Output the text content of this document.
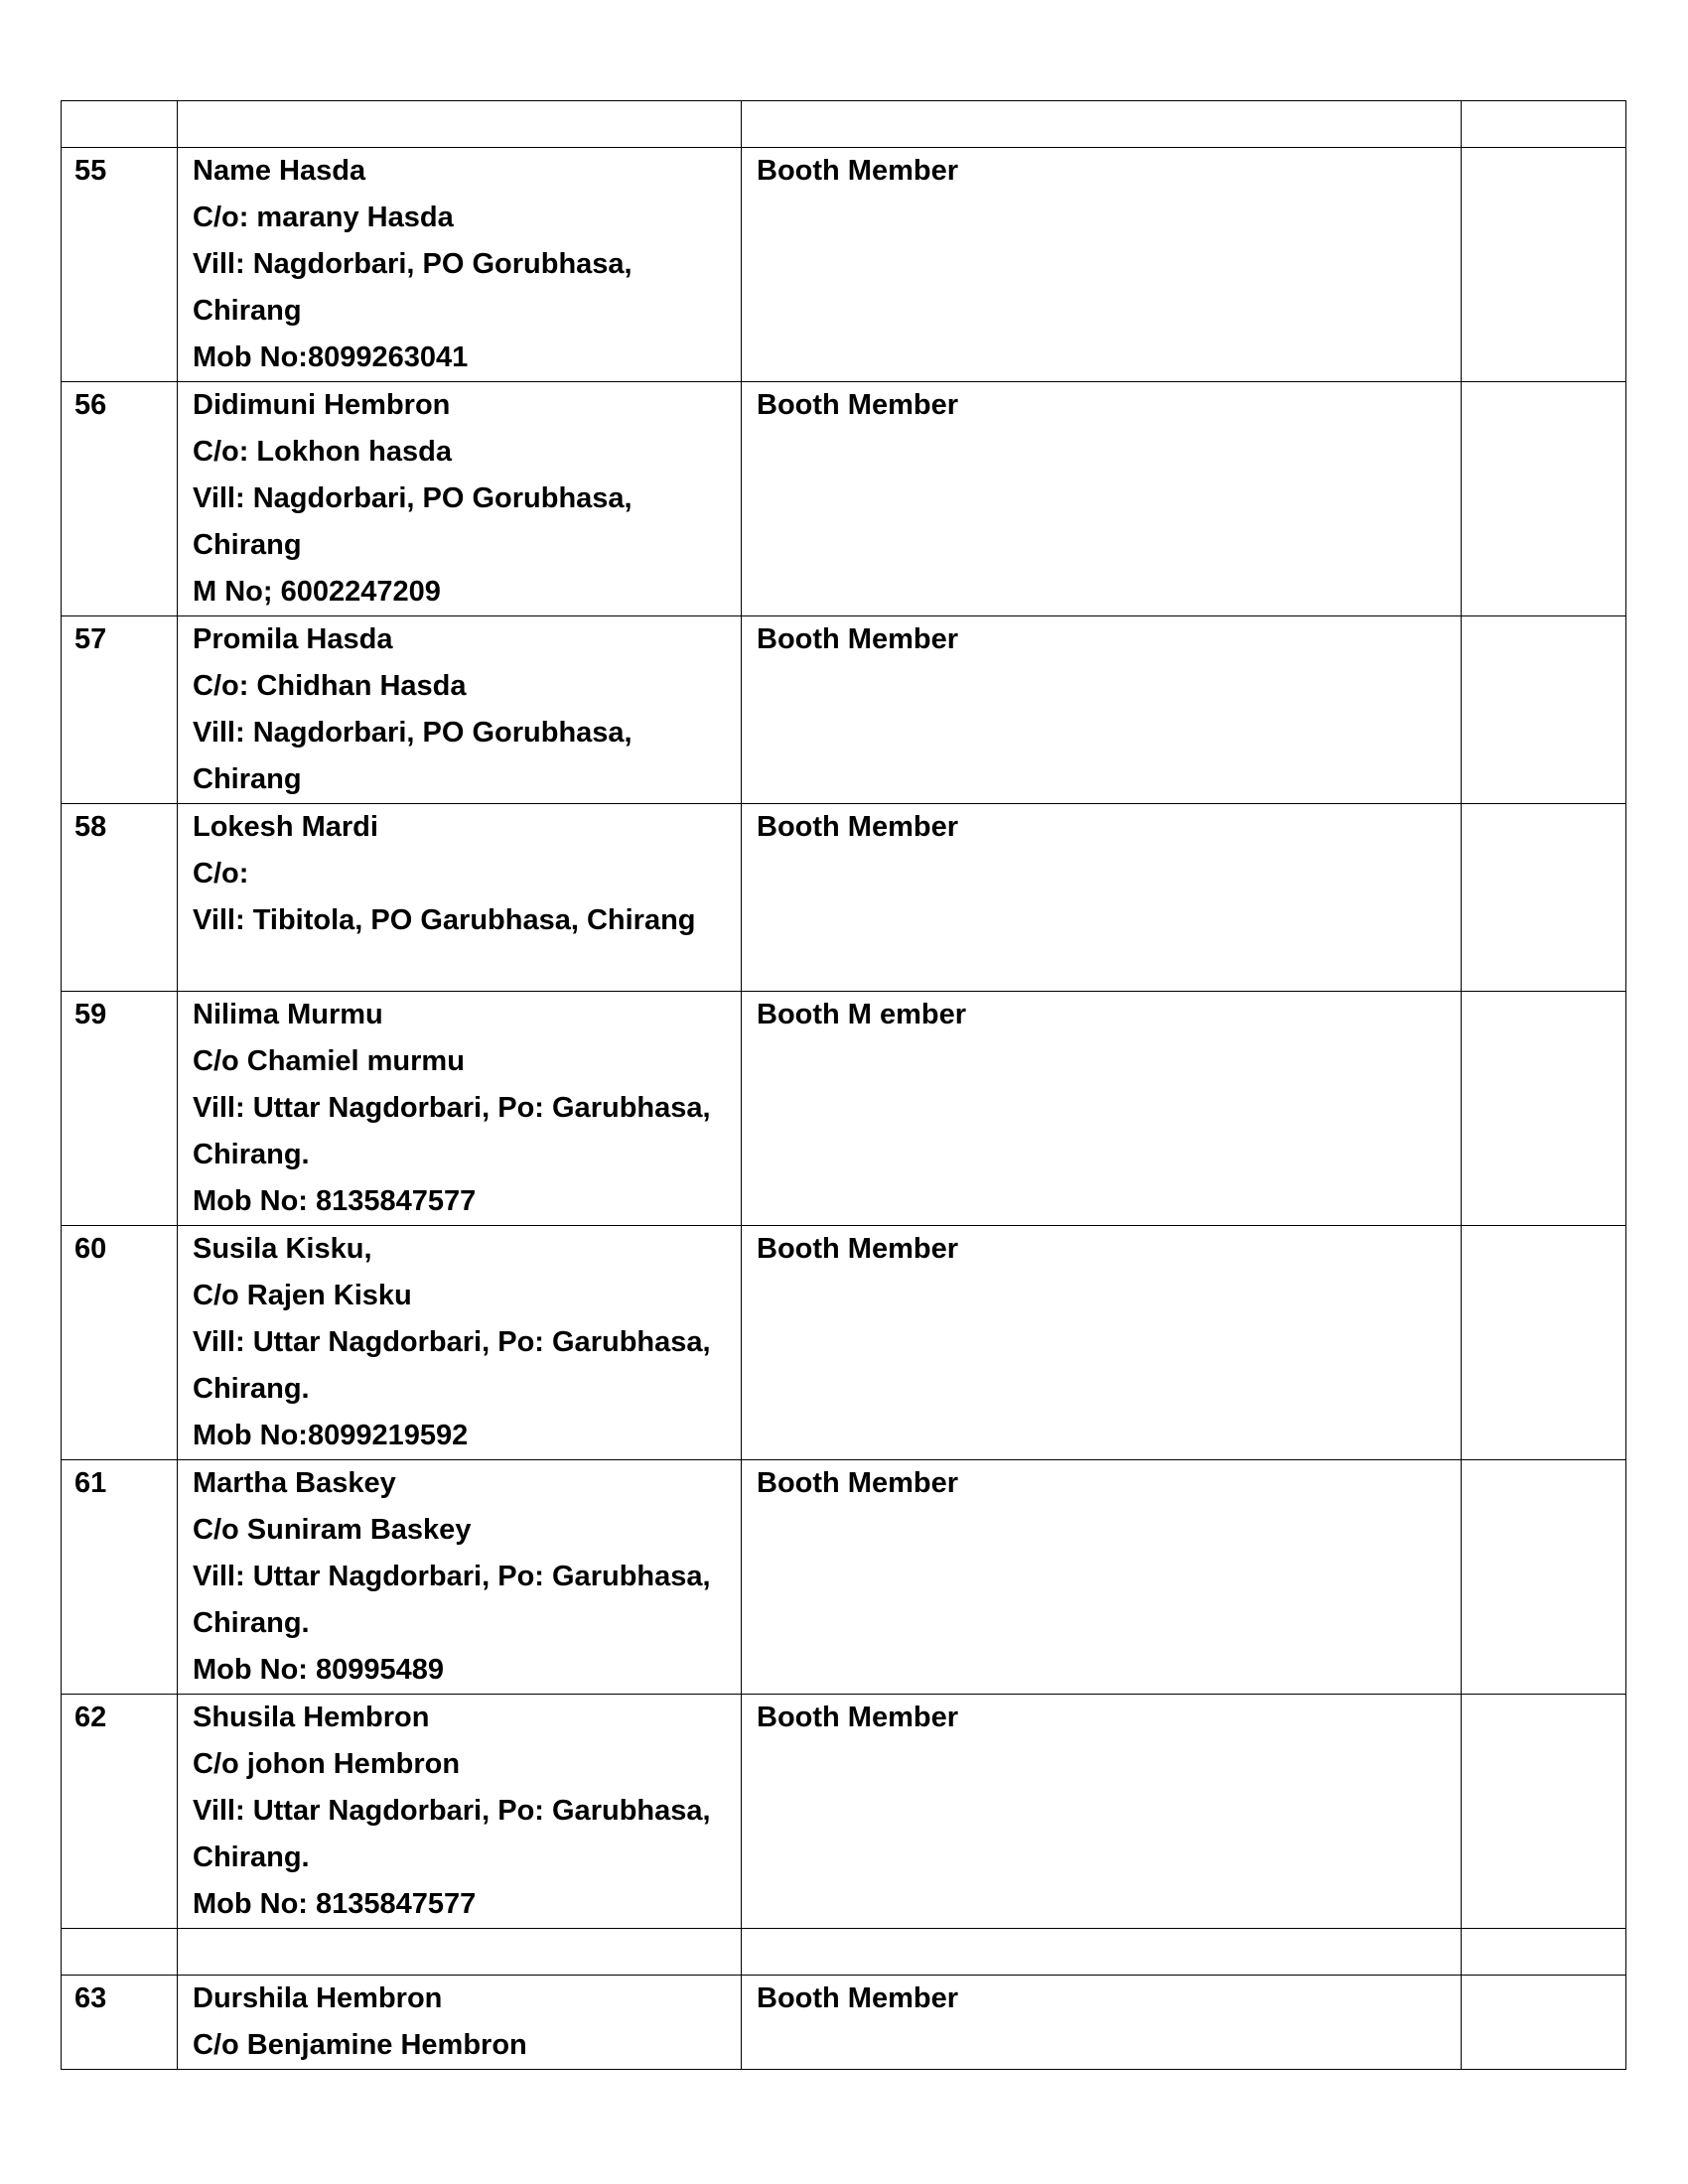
55	Name Hasda
C/o: marany Hasda
Vill: Nagdorbari, PO Gorubhasa,
Chirang
Mob No:8099263041	Booth Member	
56	Didimuni Hembron
C/o: Lokhon hasda
Vill: Nagdorbari, PO Gorubhasa,
Chirang
M No; 6002247209	Booth Member	
57	Promila Hasda
C/o: Chidhan Hasda
Vill: Nagdorbari, PO Gorubhasa,
Chirang	Booth Member	
58	Lokesh Mardi
C/o:
Vill: Tibitola, PO Garubhasa, Chirang	Booth Member	
59	Nilima Murmu
C/o Chamiel murmu
Vill: Uttar Nagdorbari, Po: Garubhasa,
Chirang.
Mob No: 8135847577	Booth M ember	
60	Susila Kisku,
C/o Rajen Kisku
Vill: Uttar Nagdorbari, Po: Garubhasa,
Chirang.
Mob No:8099219592	Booth Member	
61	Martha Baskey
C/o Suniram Baskey
Vill: Uttar Nagdorbari, Po: Garubhasa,
Chirang.
Mob No: 80995489	Booth Member	
62	Shusila Hembron
C/o johon Hembron
Vill: Uttar Nagdorbari, Po: Garubhasa,
Chirang.
Mob No: 8135847577	Booth Member	

63	Durshila Hembron
C/o Benjamine Hembron	Booth Member	
